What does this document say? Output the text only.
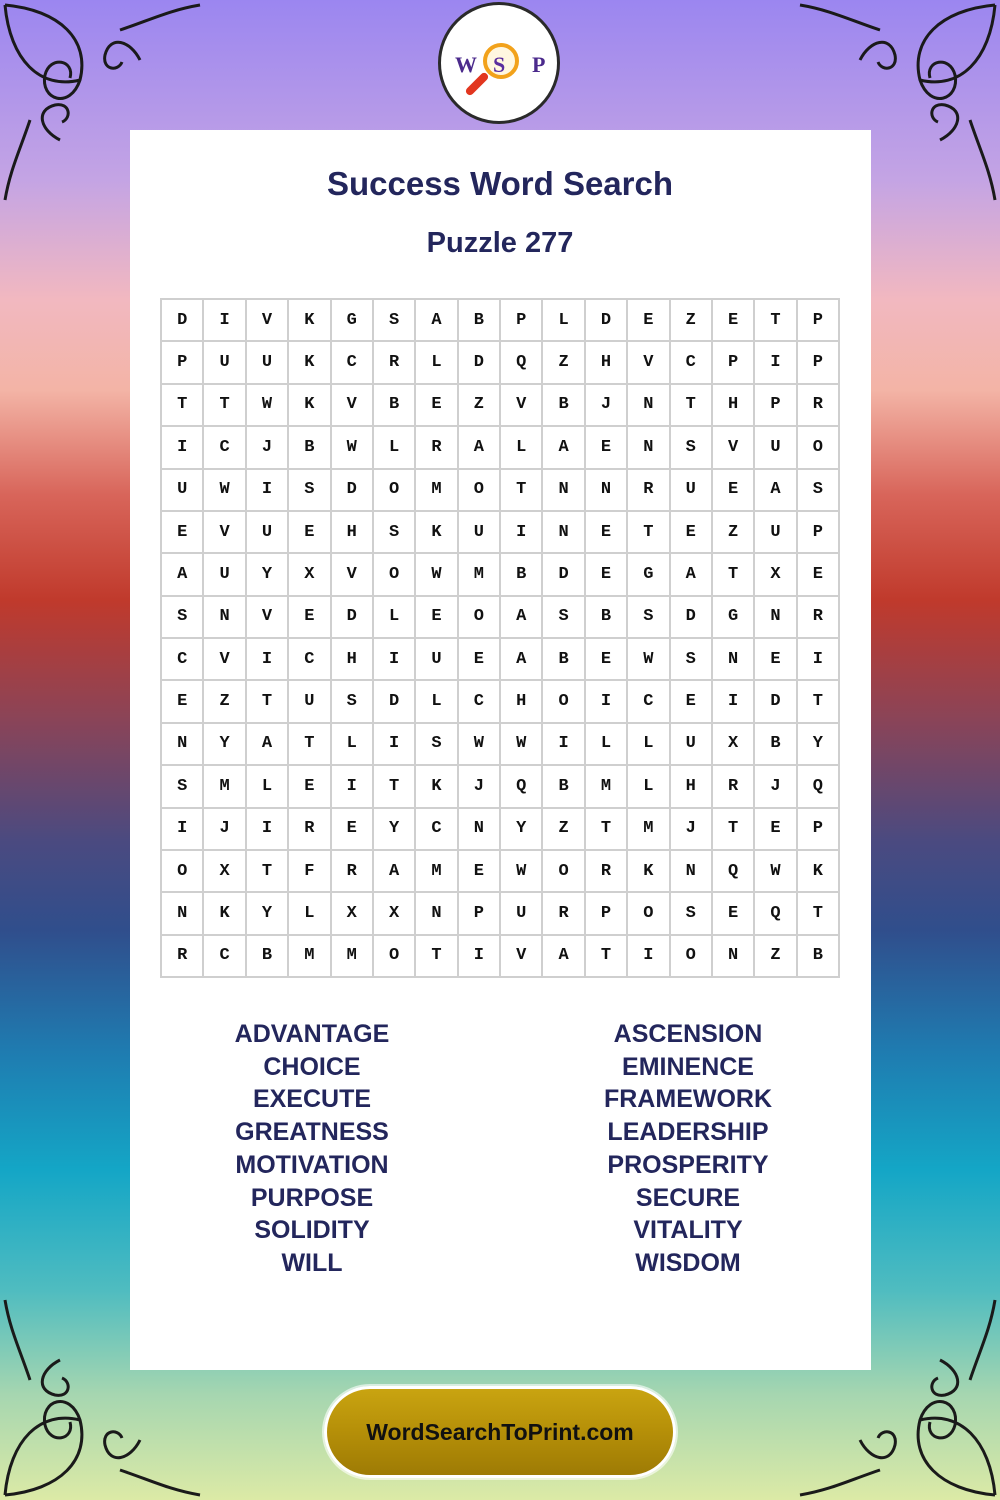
W S P
Success Word Search
Puzzle 277
D	I	V	K	G	S	A	B	P	L	D	E	Z	E	T	P
P	U	U	K	C	R	L	D	Q	Z	H	V	C	P	I	P
T	T	W	K	V	B	E	Z	V	B	J	N	T	H	P	R
I	C	J	B	W	L	R	A	L	A	E	N	S	V	U	O
U	W	I	S	D	O	M	O	T	N	N	R	U	E	A	S
E	V	U	E	H	S	K	U	I	N	E	T	E	Z	U	P
A	U	Y	X	V	O	W	M	B	D	E	G	A	T	X	E
S	N	V	E	D	L	E	O	A	S	B	S	D	G	N	R
C	V	I	C	H	I	U	E	A	B	E	W	S	N	E	I
E	Z	T	U	S	D	L	C	H	O	I	C	E	I	D	T
N	Y	A	T	L	I	S	W	W	I	L	L	U	X	B	Y
S	M	L	E	I	T	K	J	Q	B	M	L	H	R	J	Q
I	J	I	R	E	Y	C	N	Y	Z	T	M	J	T	E	P
O	X	T	F	R	A	M	E	W	O	R	K	N	Q	W	K
N	K	Y	L	X	X	N	P	U	R	P	O	S	E	Q	T
R	C	B	M	M	O	T	I	V	A	T	I	O	N	Z	B
ADVANTAGE
CHOICE
EXECUTE
GREATNESS
MOTIVATION
PURPOSE
SOLIDITY
WILL
ASCENSION
EMINENCE
FRAMEWORK
LEADERSHIP
PROSPERITY
SECURE
VITALITY
WISDOM
WordSearchToPrint.com
